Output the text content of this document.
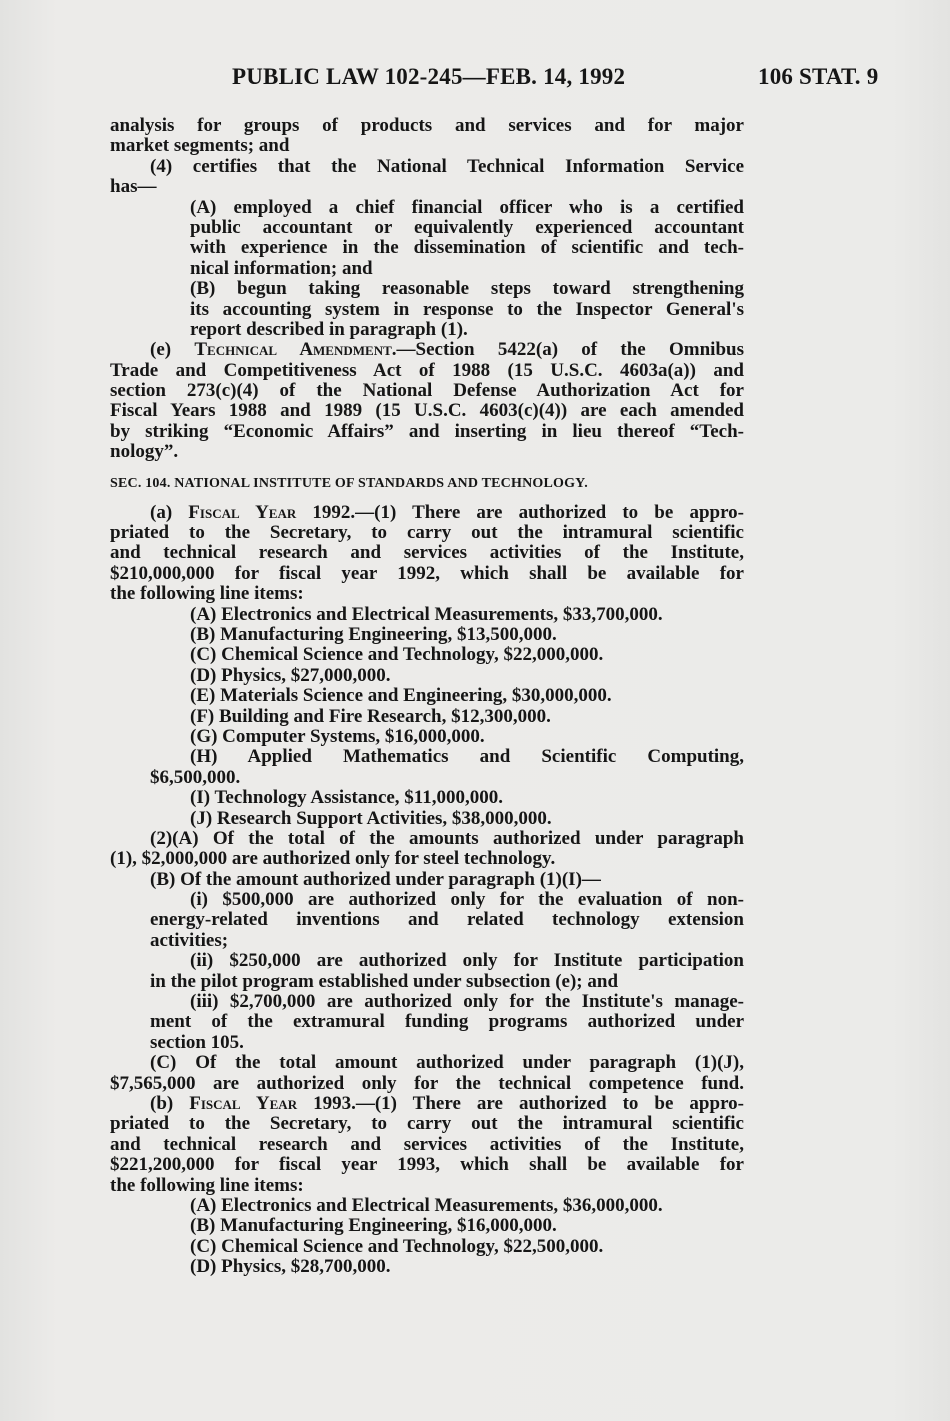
PUBLIC LAW 102-245—FEB. 14, 1992	106 STAT. 9
analysis for groups of products and services and for major
market segments; and
(4) certifies that the National Technical Information Service
has—
(A) employed a chief financial officer who is a certified
public accountant or equivalently experienced accountant
with experience in the dissemination of scientific and tech-
nical information; and
(B) begun taking reasonable steps toward strengthening
its accounting system in response to the Inspector General's
report described in paragraph (1).
(e) Technical Amendment.—Section 5422(a) of the Omnibus
Trade and Competitiveness Act of 1988 (15 U.S.C. 4603a(a)) and
section 273(c)(4) of the National Defense Authorization Act for
Fiscal Years 1988 and 1989 (15 U.S.C. 4603(c)(4)) are each amended
by striking “Economic Affairs” and inserting in lieu thereof “Tech-
nology”.
SEC. 104. NATIONAL INSTITUTE OF STANDARDS AND TECHNOLOGY.
(a) Fiscal Year 1992.—(1) There are authorized to be appro-
priated to the Secretary, to carry out the intramural scientific
and technical research and services activities of the Institute,
$210,000,000 for fiscal year 1992, which shall be available for
the following line items:
(A) Electronics and Electrical Measurements, $33,700,000.
(B) Manufacturing Engineering, $13,500,000.
(C) Chemical Science and Technology, $22,000,000.
(D) Physics, $27,000,000.
(E) Materials Science and Engineering, $30,000,000.
(F) Building and Fire Research, $12,300,000.
(G) Computer Systems, $16,000,000.
(H) Applied Mathematics and Scientific Computing,
$6,500,000.
(I) Technology Assistance, $11,000,000.
(J) Research Support Activities, $38,000,000.
(2)(A) Of the total of the amounts authorized under paragraph
(1), $2,000,000 are authorized only for steel technology.
(B) Of the amount authorized under paragraph (1)(I)—
(i) $500,000 are authorized only for the evaluation of non-
energy-related inventions and related technology extension
activities;
(ii) $250,000 are authorized only for Institute participation
in the pilot program established under subsection (e); and
(iii) $2,700,000 are authorized only for the Institute's manage-
ment of the extramural funding programs authorized under
section 105.
(C) Of the total amount authorized under paragraph (1)(J),
$7,565,000 are authorized only for the technical competence fund.
(b) Fiscal Year 1993.—(1) There are authorized to be appro-
priated to the Secretary, to carry out the intramural scientific
and technical research and services activities of the Institute,
$221,200,000 for fiscal year 1993, which shall be available for
the following line items:
(A) Electronics and Electrical Measurements, $36,000,000.
(B) Manufacturing Engineering, $16,000,000.
(C) Chemical Science and Technology, $22,500,000.
(D) Physics, $28,700,000.
